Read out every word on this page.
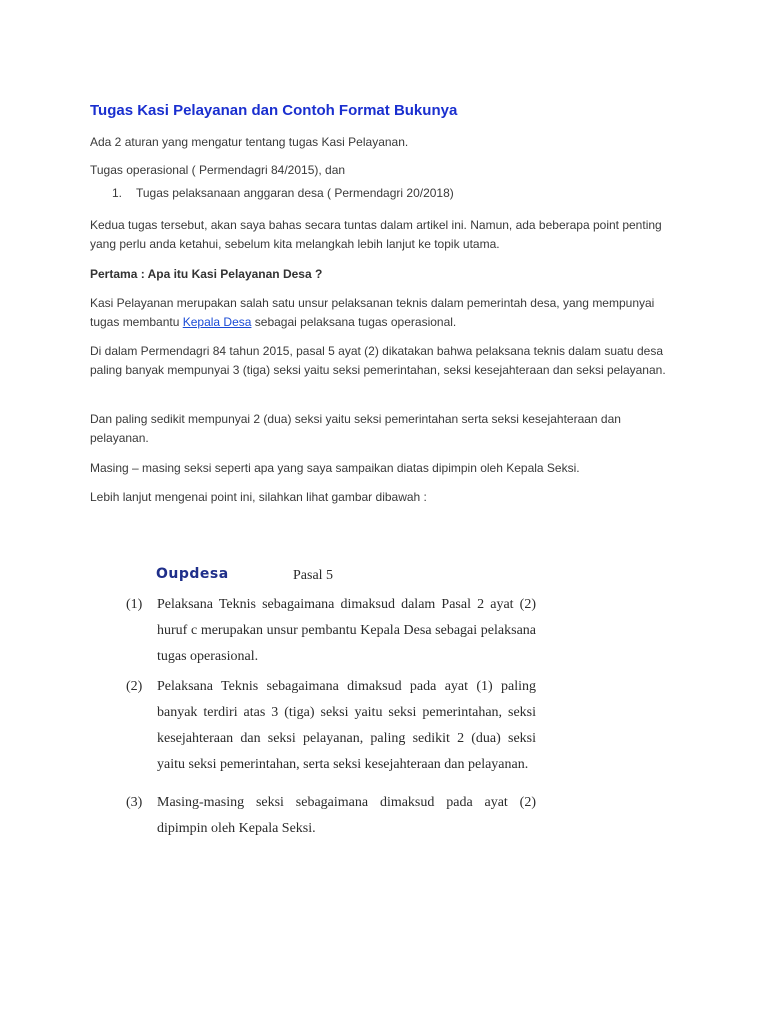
Tugas Kasi Pelayanan dan Contoh Format Bukunya

Ada 2 aturan yang mengatur tentang tugas Kasi Pelayanan.

Tugas operasional ( Permendagri 84/2015), dan

1. Tugas pelaksanaan anggaran desa ( Permendagri 20/2018)

Kedua tugas tersebut, akan saya bahas secara tuntas dalam artikel ini. Namun, ada beberapa point penting yang perlu anda ketahui, sebelum kita melangkah lebih lanjut ke topik utama.

Pertama : Apa itu Kasi Pelayanan Desa ?

Kasi Pelayanan merupakan salah satu unsur pelaksanan teknis dalam pemerintah desa, yang mempunyai tugas membantu Kepala Desa sebagai pelaksana tugas operasional.

Di dalam Permendagri 84 tahun 2015, pasal 5 ayat (2) dikatakan bahwa pelaksana teknis dalam suatu desa paling banyak mempunyai 3 (tiga) seksi yaitu seksi pemerintahan, seksi kesejahteraan dan seksi pelayanan.

Dan paling sedikit mempunyai 2 (dua) seksi yaitu seksi pemerintahan serta seksi kesejahteraan dan pelayanan.

Masing – masing seksi seperti apa yang saya sampaikan diatas dipimpin oleh Kepala Seksi.

Lebih lanjut mengenai point ini, silahkan lihat gambar dibawah :

Oupdesa	Pasal 5
(1)	Pelaksana Teknis sebagaimana dimaksud dalam Pasal 2 ayat (2) huruf c merupakan unsur pembantu Kepala Desa sebagai pelaksana tugas operasional.
(2)	Pelaksana Teknis sebagaimana dimaksud pada ayat (1) paling banyak terdiri atas 3 (tiga) seksi yaitu seksi pemerintahan, seksi kesejahteraan dan seksi pelayanan, paling sedikit 2 (dua) seksi yaitu seksi pemerintahan, serta seksi kesejahteraan dan pelayanan.
(3)	Masing-masing seksi sebagaimana dimaksud pada ayat (2) dipimpin oleh Kepala Seksi.
